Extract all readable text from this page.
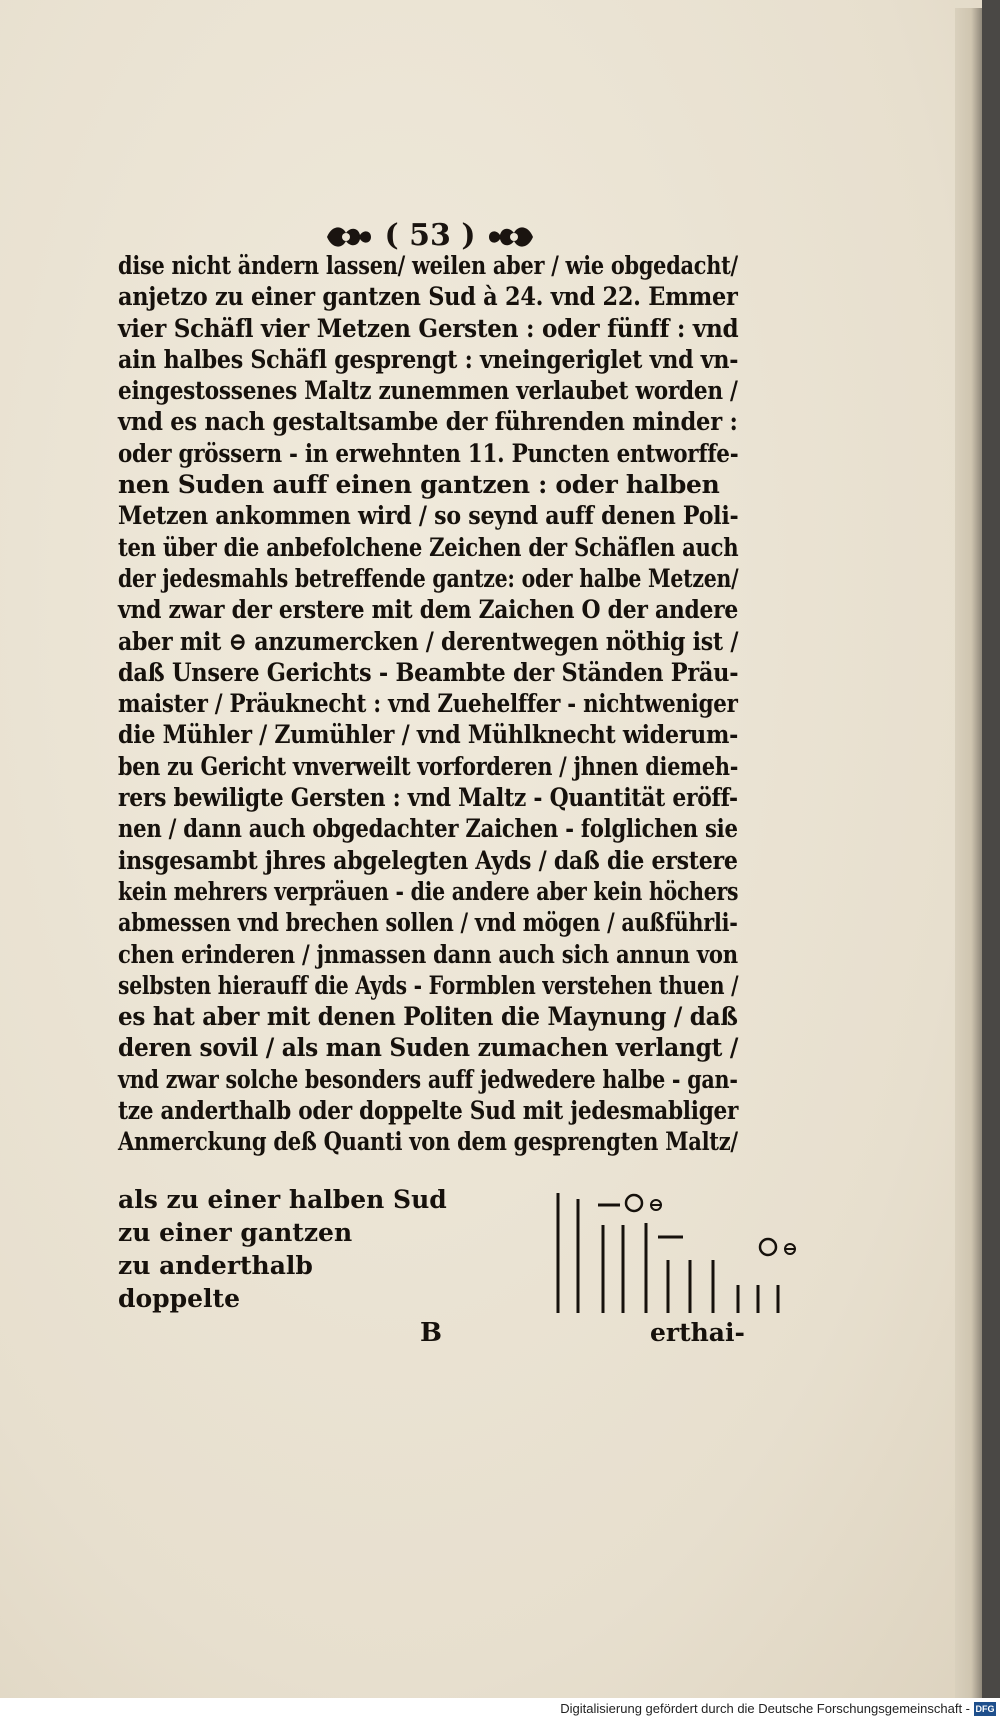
( 53 )
dise nicht ändern lassen/ weilen aber / wie obgedacht/
anjetzo zu einer gantzen Sud à 24. vnd 22. Emmer
vier Schäfl vier Metzen Gersten : oder fünff : vnd
ain halbes Schäfl gesprengt : vneingeriglet vnd vn-
eingestossenes Maltz zunemmen verlaubet worden /
vnd es nach gestaltsambe der führenden minder :
oder grössern - in erwehnten 11. Puncten entworffe-
nen Suden auff einen gantzen : oder halben
Metzen ankommen wird / so seynd auff denen Poli-
ten über die anbefolchene Zeichen der Schäflen auch
der jedesmahls betreffende gantze: oder halbe Metzen/
vnd zwar der erstere mit dem Zaichen O der andere
aber mit ⊖ anzumercken / derentwegen nöthig ist /
daß Unsere Gerichts - Beambte der Ständen Präu-
maister / Präuknecht : vnd Zuehelffer - nichtweniger
die Mühler / Zumühler / vnd Mühlknecht widerum-
ben zu Gericht vnverweilt vorforderen / jhnen diemeh-
rers bewiligte Gersten : vnd Maltz - Quantität eröff-
nen / dann auch obgedachter Zaichen - folglichen sie
insgesambt jhres abgelegten Ayds / daß die erstere
kein mehrers verpräuen - die andere aber kein höchers
abmessen vnd brechen sollen / vnd mögen / außführli-
chen erinderen / jnmassen dann auch sich annun von
selbsten hierauff die Ayds - Formblen verstehen thuen /
es hat aber mit denen Politen die Maynung / daß
deren sovil / als man Suden zumachen verlangt /
vnd zwar solche besonders auff jedwedere halbe - gan-
tze anderthalb oder doppelte Sud mit jedesmabliger
Anmerckung deß Quanti von dem gesprengten Maltz/
als zu einer halben Sud
zu einer gantzen
zu anderthalb
doppelte
B	erthai-
Digitalisierung gefördert durch die Deutsche Forschungsgemeinschaft - DFG
